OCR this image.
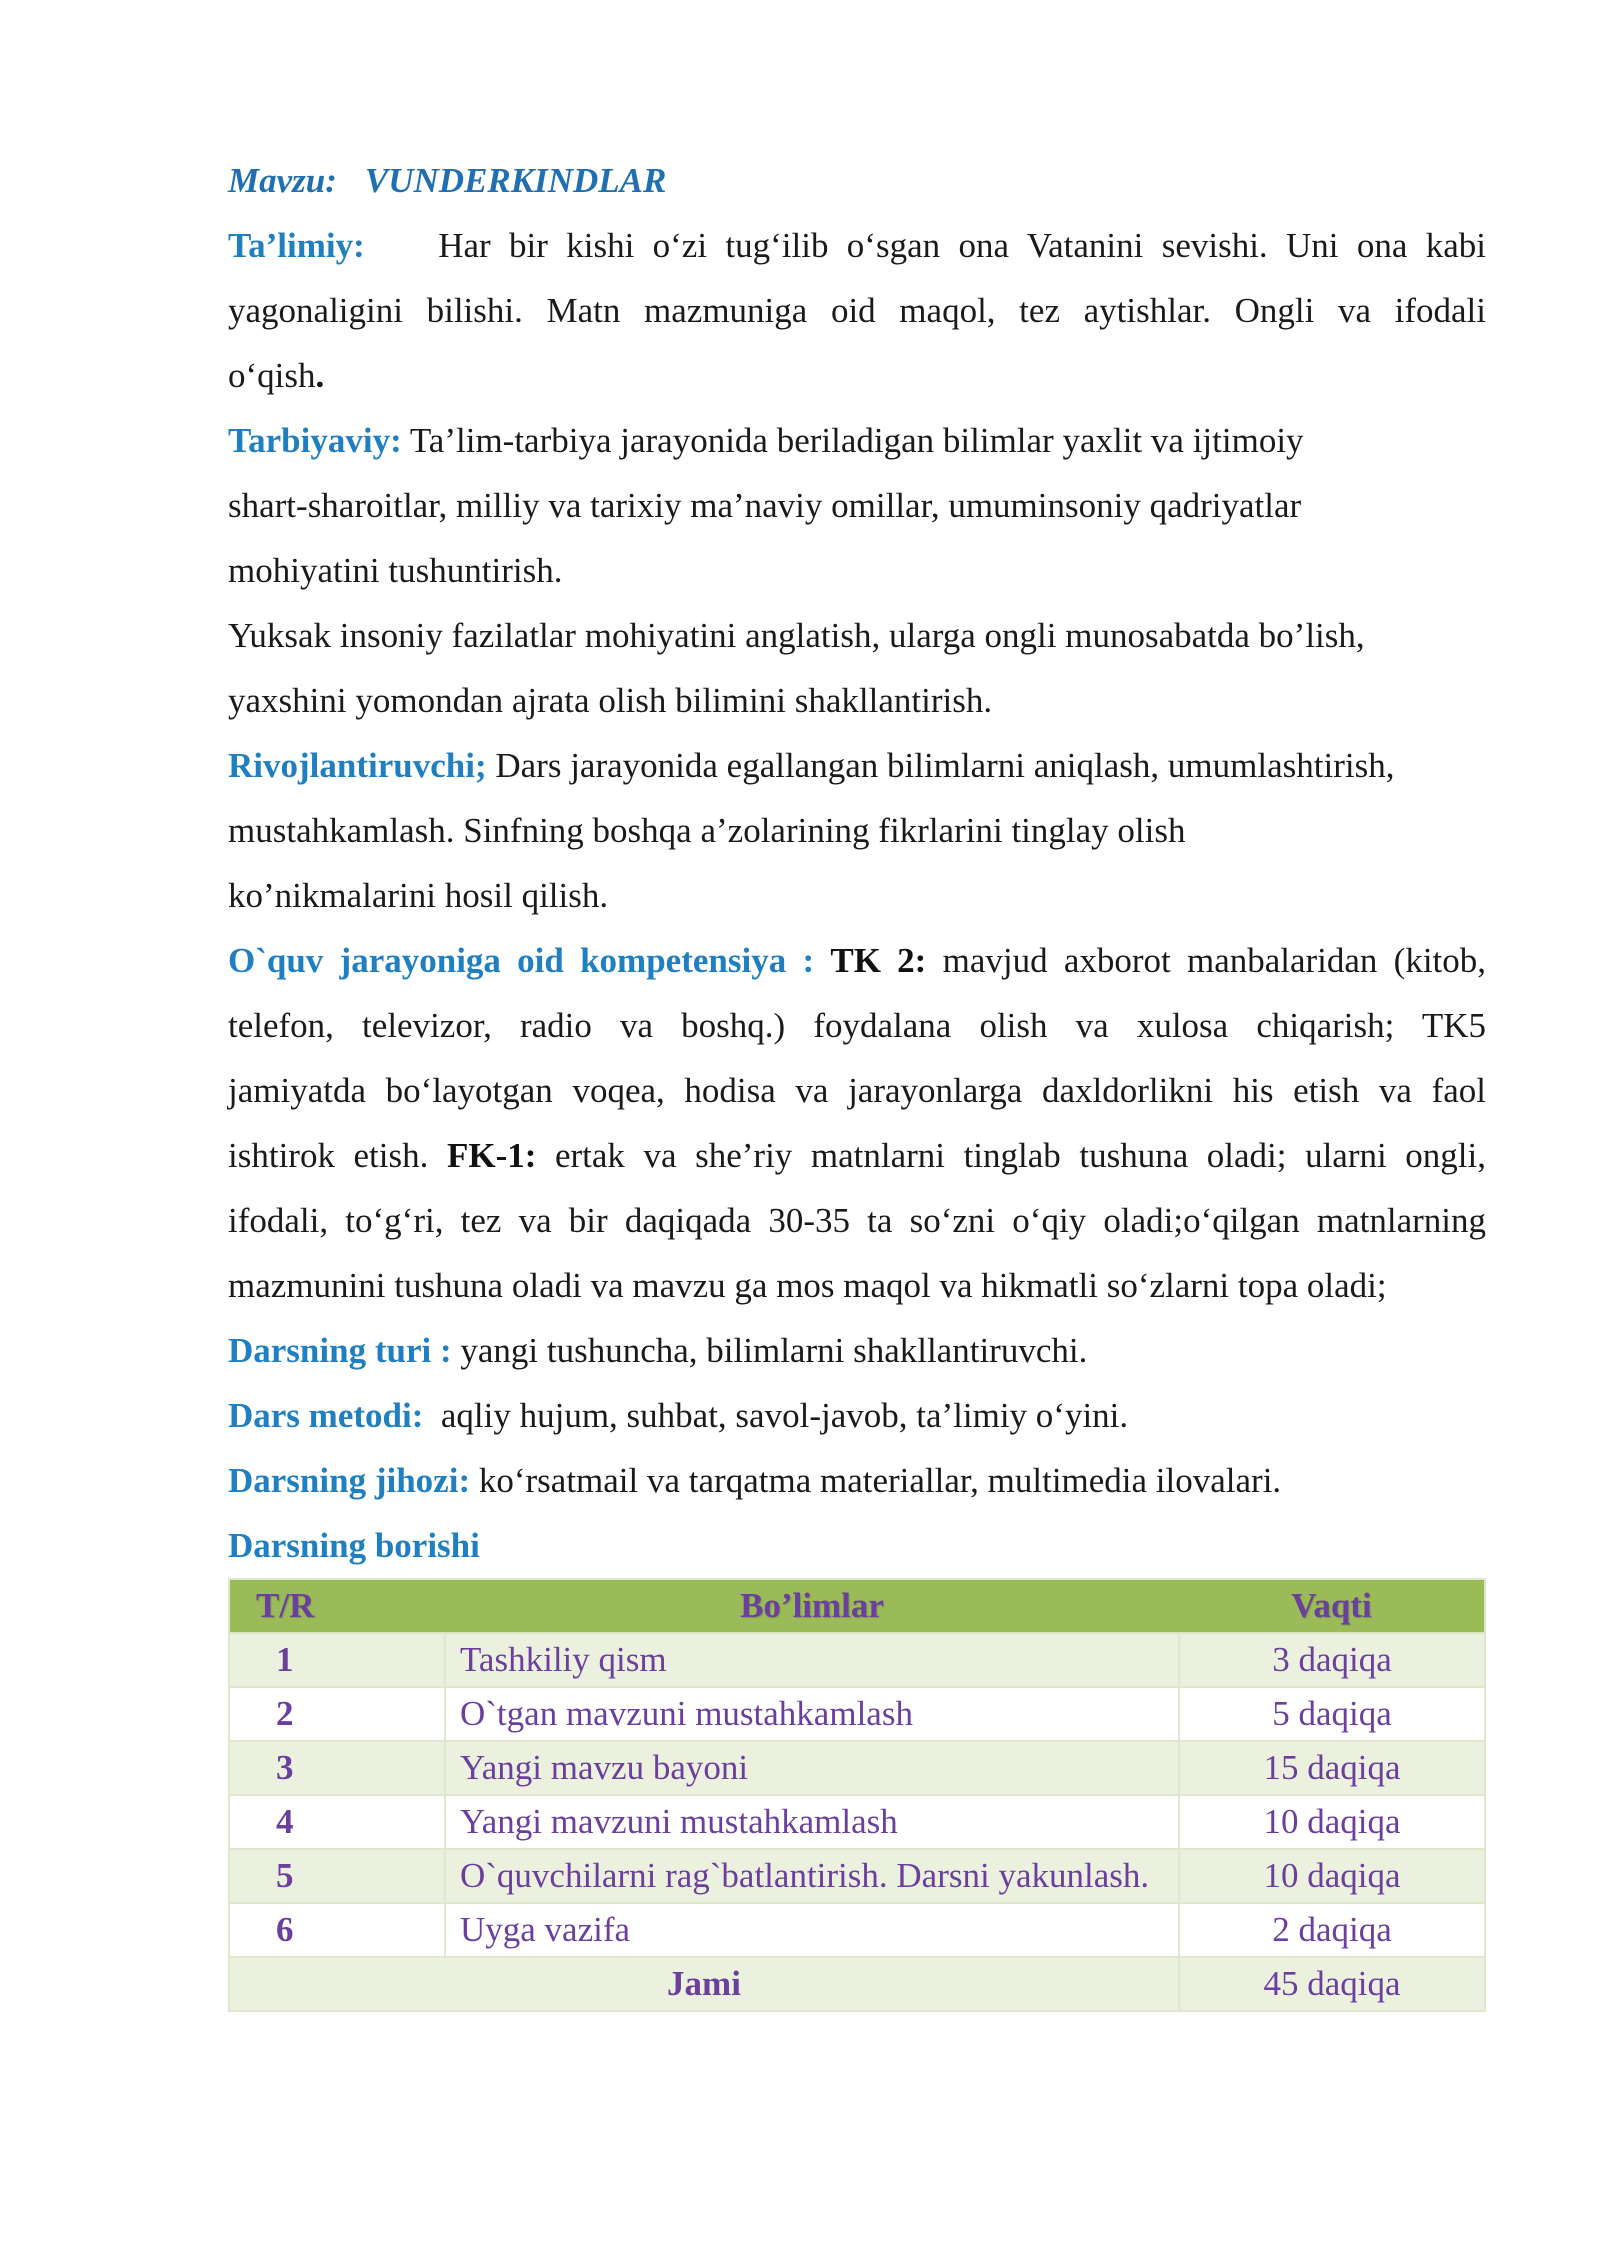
Mavzu: VUNDERKINDLAR

Ta’limiy: Har bir kishi o‘zi tug‘ilib o‘sgan ona Vatanini sevishi. Uni ona kabi

yagonaligini bilishi. Matn mazmuniga oid maqol, tez aytishlar. Ongli va ifodali

o‘qish.

Tarbiyaviy: Ta’lim-tarbiya jarayonida beriladigan bilimlar yaxlit va ijtimoiy

shart-sharoitlar, milliy va tarixiy ma’naviy omillar, umuminsoniy qadriyatlar

mohiyatini tushuntirish.

Yuksak insoniy fazilatlar mohiyatini anglatish, ularga ongli munosabatda bo’lish,

yaxshini yomondan ajrata olish bilimini shakllantirish.

Rivojlantiruvchi; Dars jarayonida egallangan bilimlarni aniqlash, umumlashtirish,

mustahkamlash. Sinfning boshqa a’zolarining fikrlarini tinglay olish

ko’nikmalarini hosil qilish.

O`quv jarayoniga oid kompetensiya : TK 2: mavjud axborot manbalaridan (kitob,

telefon, televizor, radio va boshq.) foydalana olish va xulosa chiqarish; TK5

jamiyatda bo‘layotgan voqea, hodisa va jarayonlarga daxldorlikni his etish va faol

ishtirok etish. FK-1: ertak va she’riy matnlarni tinglab tushuna oladi; ularni ongli,

ifodali, to‘g‘ri, tez va bir daqiqada 30-35 ta so‘zni o‘qiy oladi;o‘qilgan matnlarning

mazmunini tushuna oladi va mavzu ga mos maqol va hikmatli so‘zlarni topa oladi;

Darsning turi : yangi tushuncha, bilimlarni shakllantiruvchi.

Dars metodi: aqliy hujum, suhbat, savol-javob, ta’limiy o‘yini.

Darsning jihozi: ko‘rsatmail va tarqatma materiallar, multimedia ilovalari.

Darsning borishi

T/R	Bo’limlar	Vaqti
1	Tashkiliy qism	3 daqiqa
2	O`tgan mavzuni mustahkamlash	5 daqiqa
3	Yangi mavzu bayoni	15 daqiqa
4	Yangi mavzuni mustahkamlash	10 daqiqa
5	O`quvchilarni rag`batlantirish. Darsni yakunlash.	10 daqiqa
6	Uyga vazifa	2 daqiqa
Jami		45 daqiqa
